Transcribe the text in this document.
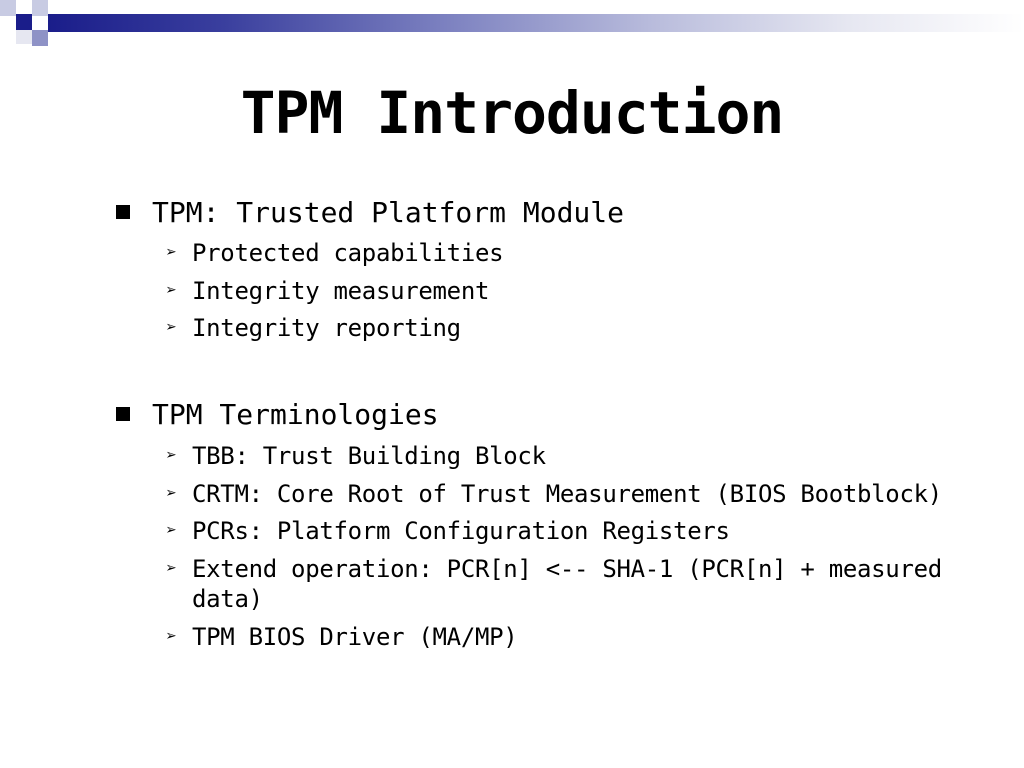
TPM Introduction
TPM: Trusted Platform Module
➢ Protected capabilities
➢ Integrity measurement
➢ Integrity reporting
TPM Terminologies
➢ TBB: Trust Building Block
➢ CRTM: Core Root of Trust Measurement (BIOS Bootblock)
➢ PCRs: Platform Configuration Registers
➢ Extend operation: PCR[n] <-- SHA-1 (PCR[n] + measured data)
➢ TPM BIOS Driver (MA/MP)
